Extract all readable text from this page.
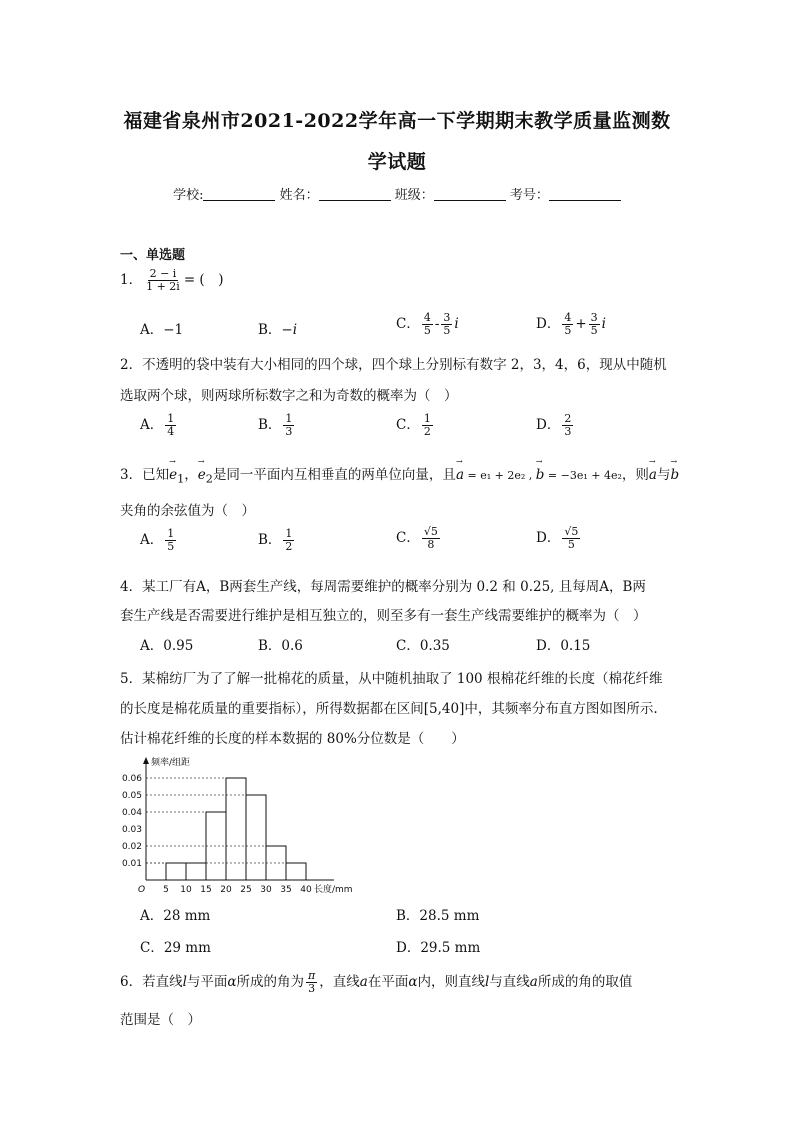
福建省泉州市2021-2022学年高一下学期期末教学质量监测数
学试题
学校:	姓名：	班级：	考号：
一、单选题
1． $\frac{2 - i}{1 + 2i}$ = (　)
A．−1	B．−i	C． $\frac{4}{5} - \frac{3}{5}$ i	D． $\frac{4}{5} + \frac{3}{5}$ i
2．不透明的袋中装有大小相同的四个球，四个球上分别标有数字 2，3，4，6，现从中随机
选取两个球，则两球所标数字之和为奇数的概率为（　）
A． $\frac{1}{4}$	B． $\frac{1}{3}$	C． $\frac{1}{2}$	D． $\frac{2}{3}$
3．已知→ $e_1$，→ $e_2$是同一平面内互相垂直的两单位向量，且→ a = e₁ + 2e₂ , → b = −3e₁ + 4e₂，则→ a与→ b
夹角的余弦值为（　）
A． $\frac{1}{5}$	B． $\frac{1}{2}$	C． $\frac{√5}{8}$	D． $\frac{√5}{5}$
4．某工厂有A，B两套生产线，每周需要维护的概率分别为 0.2 和 0.25, 且每周A，B两
套生产线是否需要进行维护是相互独立的，则至多有一套生产线需要维护的概率为（　）
A．0.95	B．0.6	C．0.35	D．0.15
5．某棉纺厂为了了解一批棉花的质量，从中随机抽取了 100 根棉花纤维的长度（棉花纤维
的长度是棉花质量的重要指标），所得数据都在区间[5,40]中，其频率分布直方图如图所示.
估计棉花纤维的长度的样本数据的 80%分位数是（　　）
0.01
0.02
0.03
0.04
0.05
0.06
5 10 15 20 25 30 35 40
O
频率/组距
长度/mm
A．28 mm	B．28.5 mm
C．29 mm	D．29.5 mm
6．若直线l与平面α所成的角为 $\frac{\pi}{3}$ ，直线a在平面α内，则直线l与直线a所成的角的取值
范围是（　）
